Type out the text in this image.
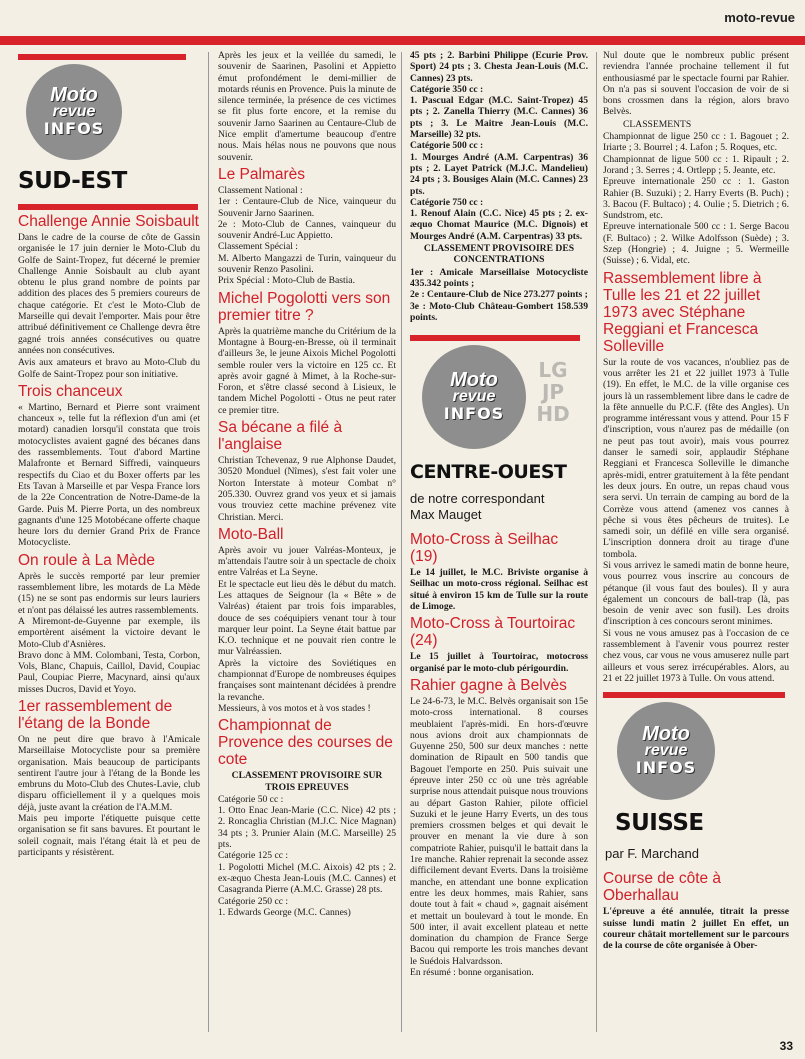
moto-revue
Moto
revue
INFOS
SUD-EST
Challenge Annie Soisbault
Dans le cadre de la course de côte de Gassin organisée le 17 juin dernier le Moto-Club du Golfe de Saint-Tropez, fut décerné le premier Challenge Annie Soisbault au club ayant obtenu le plus grand nombre de points par addition des places des 5 premiers coureurs de chaque catégorie. Et c'est le Moto-Club de Marseille qui devait l'emporter. Mais pour être attribué définitivement ce Challenge devra être gagné trois années consécutives ou quatre années non consécutives.
Avis aux amateurs et bravo au Moto-Club du Golfe de Saint-Tropez pour son initiative.
Trois chanceux
« Martino, Bernard et Pierre sont vraiment chanceux », telle fut la réflexion d'un ami (et motard) canadien lorsqu'il constata que trois motocyclistes avaient gagné des bécanes dans des rassemblements. Tout d'abord Martine Malafronte et Bernard Siffredi, vainqueurs respectifs du Ciao et du Boxer offerts par les Ets Tavan à Marseille et par Vespa France lors de la 22e Concentration de Notre-Dame-de la Garde. Puis M. Pierre Porta, un des nombreux gagnants d'une 125 Motobécane offerte chaque heure lors du dernier Grand Prix de France Motocycliste.
On roule à La Mède
Après le succès remporté par leur premier rassemblement libre, les motards de La Mède (15) ne se sont pas endormis sur leurs lauriers et n'ont pas délaissé les autres rassemblements.
A Miremont-de-Guyenne par exemple, ils emportèrent aisément la victoire devant le Moto-Club d'Asnières.
Bravo donc à MM. Colombani, Testa, Corbon, Vols, Blanc, Chapuis, Caillol, David, Coupiac Paul, Coupiac Pierre, Macynard, ainsi qu'aux misses Ducros, David et Yoyo.
1er rassemblement de l'étang de la Bonde
On ne peut dire que bravo à l'Amicale Marseillaise Motocycliste pour sa première organisation. Mais beaucoup de participants sentirent l'autre jour à l'étang de la Bonde les embruns du Moto-Club des Chutes-Lavie, club disparu officiellement il y a quelques mois déjà, juste avant la création de l'A.M.M.
Mais peu importe l'étiquette puisque cette organisation se fit sans bavures. Et pourtant le soleil cognait, mais l'étang était là et peu de participants y résistèrent.
Après les jeux et la veillée du samedi, le souvenir de Saarinen, Pasolini et Appietto émut profondément le demi-millier de motards réunis en Provence. Puis la minute de silence terminée, la présence de ces victimes se fit plus forte encore, et la remise du souvenir Jarno Saarinen au Centaure-Club de Nice emplit d'amertume beaucoup d'entre nous. Mais hélas nous ne pouvons que nous souvenir.
Le Palmarès
Classement National :
1er : Centaure-Club de Nice, vainqueur du Souvenir Jarno Saarinen.
2e : Moto-Club de Cannes, vainqueur du souvenir André-Luc Appietto.
Classement Spécial :
M. Alberto Mangazzi de Turin, vainqueur du souvenir Renzo Pasolini.
Prix Spécial : Moto-Club de Bastia.
Michel Pogolotti vers son premier titre ?
Après la quatrième manche du Critérium de la Montagne à Bourg-en-Bresse, où il terminait d'ailleurs 3e, le jeune Aixois Michel Pogolotti semble rouler vers la victoire en 125 cc. Et après avoir gagné à Mimet, à la Roche-sur-Foron, et s'être classé second à Lisieux, le tandem Michel Pogolotti - Otus ne peut rater ce premier titre.
Sa bécane a filé à l'anglaise
Christian Tchevenaz, 9 rue Alphonse Daudet, 30520 Monduel (Nîmes), s'est fait voler une Norton Interstate à moteur Combat n° 205.330. Ouvrez grand vos yeux et si jamais vous trouviez cette machine prévenez vite Christian. Merci.
Moto-Ball
Après avoir vu jouer Valréas-Monteux, je m'attendais l'autre soir à un spectacle de choix entre Valréas et La Seyne.
Et le spectacle eut lieu dès le début du match. Les attaques de Seignour (la « Bête » de Valréas) étaient par trois fois imparables, douce de ses coéquipiers venant tour à tour marquer leur point. La Seyne était battue par K.O. technique et ne pouvait rien contre le mur Valréassien.
Après la victoire des Soviétiques en championnat d'Europe de nombreuses équipes françaises sont maintenant décidées à prendre la revanche.
Messieurs, à vos motos et à vos stades !
Championnat de Provence des courses de cote
CLASSEMENT PROVISOIRE SUR TROIS EPREUVES
Catégorie 50 cc :
1. Otto Enac Jean-Marie (C.C. Nice) 42 pts ; 2. Roncaglia Christian (M.J.C. Nice Magnan) 34 pts ; 3. Prunier Alain (M.C. Marseille) 25 pts.
Catégorie 125 cc :
1. Pogolotti Michel (M.C. Aixois) 42 pts ; 2. ex-æquo Chesta Jean-Louis (M.C. Cannes) et Casagranda Pierre (A.M.C. Grasse) 28 pts.
Catégorie 250 cc :
1. Edwards George (M.C. Cannes)
45 pts ; 2. Barbini Philippe (Ecurie Prov. Sport) 24 pts ; 3. Chesta Jean-Louis (M.C. Cannes) 23 pts.
Catégorie 350 cc :
1. Pascual Edgar (M.C. Saint-Tropez) 45 pts ; 2. Zanella Thierry (M.C. Cannes) 36 pts ; 3. Le Maitre Jean-Louis (M.C. Marseille) 32 pts.
Catégorie 500 cc :
1. Mourges André (A.M. Carpentras) 36 pts ; 2. Layet Patrick (M.J.C. Mandelieu) 24 pts ; 3. Bousiges Alain (M.C. Cannes) 23 pts.
Catégorie 750 cc :
1. Renouf Alain (C.C. Nice) 45 pts ; 2. ex-æquo Chomat Maurice (M.C. Dignois) et Mourges André (A.M. Carpentras) 33 pts.
CLASSEMENT PROVISOIRE DES CONCENTRATIONS
1er : Amicale Marseillaise Motocycliste 435.342 points ;
2e : Centaure-Club de Nice 273.277 points ;
3e : Moto-Club Château-Gombert 158.539 points.
Moto
revue
INFOS
LG JP HD
CENTRE-OUEST
de notre correspondant
Max Mauget
Moto-Cross à Seilhac (19)
Le 14 juillet, le M.C. Briviste organise à Seilhac un moto-cross régional. Seilhac est situé à environ 15 km de Tulle sur la route de Limoge.
Moto-Cross à Tourtoirac (24)
Le 15 juillet à Tourtoirac, motocross organisé par le moto-club périgourdin.
Rahier gagne à Belvès
Le 24-6-73, le M.C. Belvès organisait son 15e moto-cross international. 8 courses meublaient l'après-midi. En hors-d'œuvre nous avions droit aux championnats de Guyenne 250, 500 sur deux manches : nette domination de Ripault en 500 tandis que Bagouet l'emporte en 250. Puis suivait une épreuve inter 250 cc où une très agréable surprise nous attendait puisque nous trouvions au départ Gaston Rahier, pilote officiel Suzuki et le jeune Harry Everts, un des tous premiers crossmen belges et qui devait le prouver en menant la vie dure à son compatriote Rahier, puisqu'il le battait dans la 1re manche. Rahier reprenait la seconde assez difficilement devant Everts. Dans la troisième manche, en attendant une bonne explication entre les deux hommes, mais Rahier, sans doute tout à fait « chaud », gagnait aisément et mettait un boulevard à tout le monde. En 500 inter, il avait excellent plateau et nette domination du champion de France Serge Bacou qui remporte les trois manches devant le Suédois Halvardsson.
En résumé : bonne organisation.
Nul doute que le nombreux public présent reviendra l'année prochaine tellement il fut enthousiasmé par le spectacle fourni par Rahier. On n'a pas si souvent l'occasion de voir de si bons crossmen dans la région, alors bravo Belvès.
CLASSEMENTS
Championnat de ligue 250 cc : 1. Bagouet ; 2. Iriarte ; 3. Bourrel ; 4. Lafon ; 5. Roques, etc.
Championnat de ligue 500 cc : 1. Ripault ; 2. Jorand ; 3. Serres ; 4. Ortlepp ; 5. Jeante, etc.
Epreuve internationale 250 cc : 1. Gaston Rahier (B. Suzuki) ; 2. Harry Everts (B. Puch) ; 3. Bacou (F. Bultaco) ; 4. Oulie ; 5. Dietrich ; 6. Sundstrom, etc.
Epreuve internationale 500 cc : 1. Serge Bacou (F. Bultaco) ; 2. Wilke Adolfsson (Suède) ; 3. Szep (Hongrie) ; 4. Juigne ; 5. Wermeille (Suisse) ; 6. Vidal, etc.
Rassemblement libre à Tulle les 21 et 22 juillet 1973 avec Stéphane Reggiani et Francesca Solleville
Sur la route de vos vacances, n'oubliez pas de vous arrêter les 21 et 22 juillet 1973 à Tulle (19). En effet, le M.C. de la ville organise ces jours là un rassemblement libre dans le cadre de la fête annuelle du P.C.F. (fête des Angles). Un programme intéressant vous y attend. Pour 15 F d'inscription, vous n'aurez pas de médaille (on ne peut pas tout avoir), mais vous pourrez danser le samedi soir, applaudir Stéphane Reggiani et Francesca Solleville le dimanche après-midi, entrer gratuitement à la fête pendant les deux jours. En outre, un repas chaud vous sera servi. Un terrain de camping au bord de la Corrèze vous attend (amenez vos cannes à pêche si vous êtes pêcheurs de truites). Le samedi soir, un défilé en ville sera organisé. L'inscription donnera droit au tirage d'une tombola.
Si vous arrivez le samedi matin de bonne heure, vous pourrez vous inscrire au concours de pétanque (il vous faut des boules). Il y aura également un concours de ball-trap (là, pas besoin de venir avec son fusil). Les droits d'inscription à ces concours seront minimes.
Si vous ne vous amusez pas à l'occasion de ce rassemblement à l'avenir vous pourrez rester chez vous, car vous ne vous amuserez nulle part ailleurs et vous serez irrécupérables. Alors, au 21 et 22 juillet 1973 à Tulle. On vous attend.
Moto
revue
INFOS
SUISSE
par F. Marchand
Course de côte à Oberhallau
L'épreuve a été annulée, titrait la presse suisse lundi matin 2 juillet En effet, un coureur châtait mortellement sur le parcours de la course de côte organisée à Ober-
33
